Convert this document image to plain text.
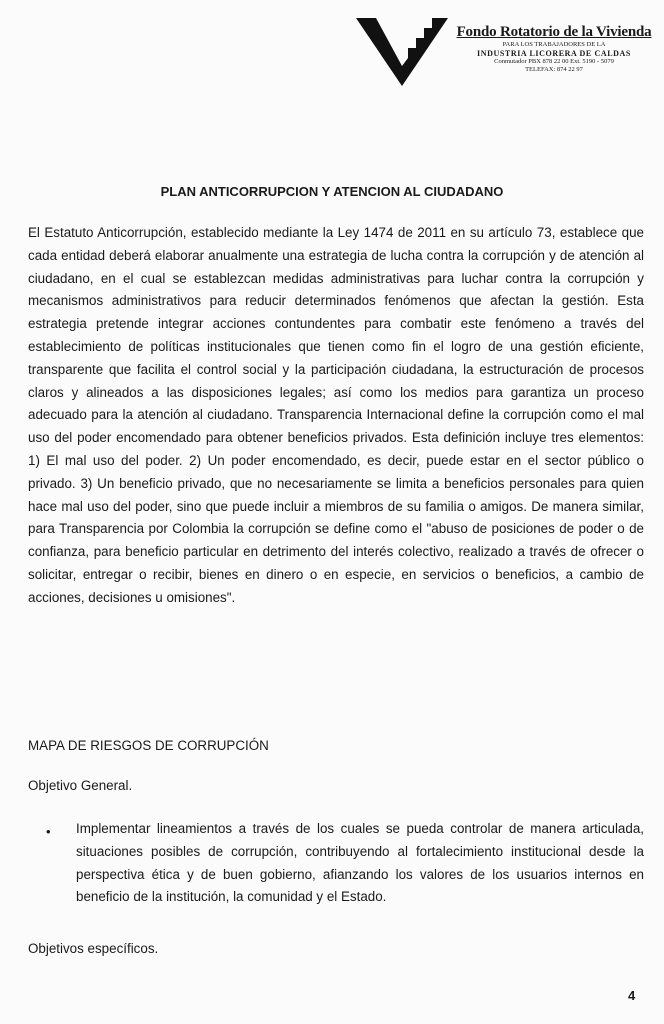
Fondo Rotatorio de la Vivienda
PARA LOS TRABAJADORES DE LA
INDUSTRIA LICORERA DE CALDAS
Conmutador PBX 878 22 00 Ext. 5190 - 5079
TELEFAX: 874 22 97
PLAN ANTICORRUPCION Y ATENCION AL CIUDADANO
El Estatuto Anticorrupción, establecido mediante la Ley 1474 de 2011 en su artículo 73, establece que cada entidad deberá elaborar anualmente una estrategia de lucha contra la corrupción y de atención al ciudadano, en el cual se establezcan medidas administrativas para luchar contra la corrupción y mecanismos administrativos para reducir determinados fenómenos que afectan la gestión. Esta estrategia pretende integrar acciones contundentes para combatir este fenómeno a través del establecimiento de políticas institucionales que tienen como fin el logro de una gestión eficiente, transparente que facilita el control social y la participación ciudadana, la estructuración de procesos claros y alineados a las disposiciones legales; así como los medios para garantiza un proceso adecuado para la atención al ciudadano. Transparencia Internacional define la corrupción como el mal uso del poder encomendado para obtener beneficios privados. Esta definición incluye tres elementos: 1) El mal uso del poder. 2) Un poder encomendado, es decir, puede estar en el sector público o privado. 3) Un beneficio privado, que no necesariamente se limita a beneficios personales para quien hace mal uso del poder, sino que puede incluir a miembros de su familia o amigos. De manera similar, para Transparencia por Colombia la corrupción se define como el "abuso de posiciones de poder o de confianza, para beneficio particular en detrimento del interés colectivo, realizado a través de ofrecer o solicitar, entregar o recibir, bienes en dinero o en especie, en servicios o beneficios, a cambio de acciones, decisiones u omisiones".
MAPA DE RIESGOS DE CORRUPCIÓN
Objetivo General.
• Implementar lineamientos a través de los cuales se pueda controlar de manera articulada, situaciones posibles de corrupción, contribuyendo al fortalecimiento institucional desde la perspectiva ética y de buen gobierno, afianzando los valores de los usuarios internos en beneficio de la institución, la comunidad y el Estado.
Objetivos específicos.
4
